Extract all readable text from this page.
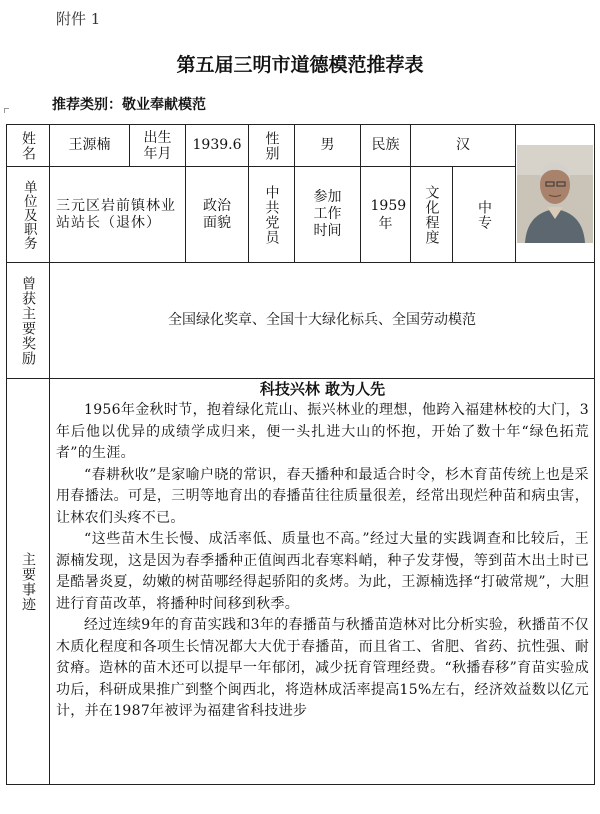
附件 1
第五届三明市道德模范推荐表
推荐类别：敬业奉献模范
姓名	王源楠	出生年月	1939.6	性别	男	民族	汉	

单位及职务	三元区岩前镇林业站站长（退休）		政治面貌	中共党员	参加工作时间	1959年	文化程度	中专	

曾获主要奖励	全国绿化奖章、全国十大绿化标兵、全国劳动模范								

主要事迹	科技兴林 敢为人先

1956年金秋时节，抱着绿化荒山、振兴林业的理想，他跨入福建林校的大门，3年后他以优异的成绩学成归来，便一头扎进大山的怀抱，开始了数十年“绿色拓荒者”的生涯。

“春耕秋收”是家喻户晓的常识，春天播种和最适合时令，杉木育苗传统上也是采用春播法。可是，三明等地育出的春播苗往往质量很差，经常出现烂种苗和病虫害，让林农们头疼不已。

“这些苗木生长慢、成活率低、质量也不高。”经过大量的实践调查和比较后，王源楠发现，这是因为春季播种正值闽西北春寒料峭，种子发芽慢，等到苗木出土时已是酷暑炎夏，幼嫩的树苗哪经得起骄阳的炙烤。为此，王源楠选择“打破常规”，大胆进行育苗改革，将播种时间移到秋季。

经过连续9年的育苗实践和3年的春播苗与秋播苗造林对比分析实验，秋播苗不仅木质化程度和各项生长情况都大大优于春播苗，而且省工、省肥、省药、抗性强、耐贫瘠。造林的苗木还可以提早一年郁闭，减少抚育管理经费。“秋播春移”育苗实验成功后，科研成果推广到整个闽西北，将造林成活率提高15%左右，经济效益数以亿元计，并在1987年被评为福建省科技进步								
